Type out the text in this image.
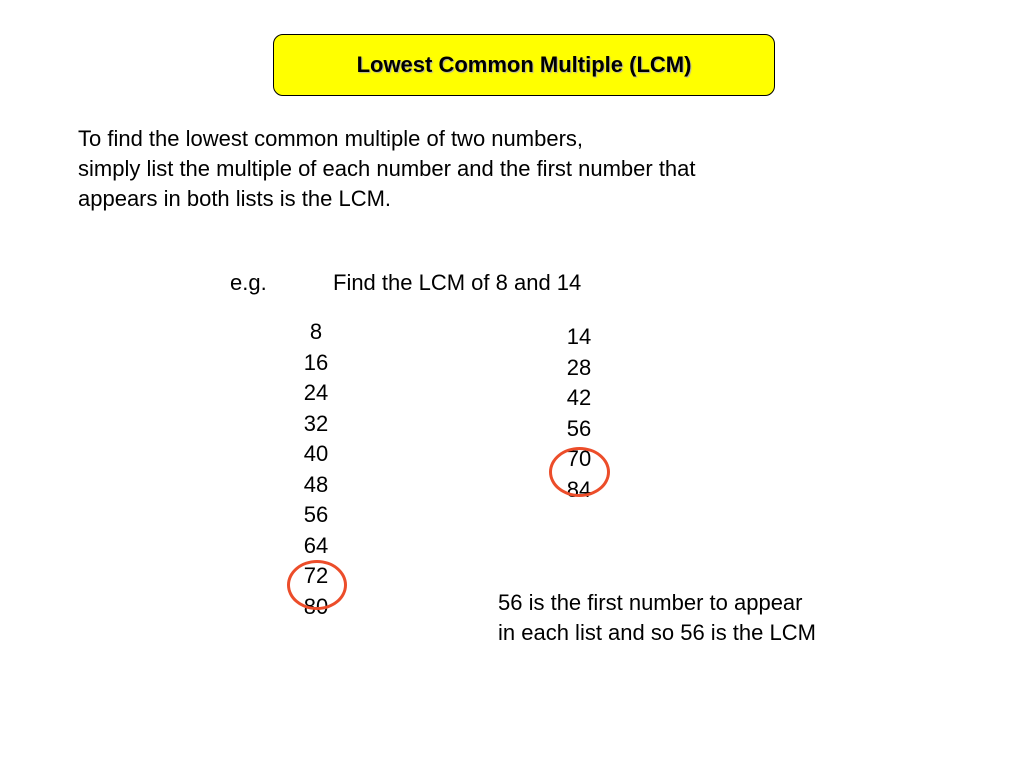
Lowest Common Multiple (LCM)
To find the lowest common multiple of two numbers,
simply list the multiple of each number and the first number that
appears in both lists is the LCM.
e.g.	Find the LCM of 8 and 14
8
16
24
32
40
48
56
64
72
80
14
28
42
56
70
84
56 is the first number to appear
in each list and so 56 is the LCM
